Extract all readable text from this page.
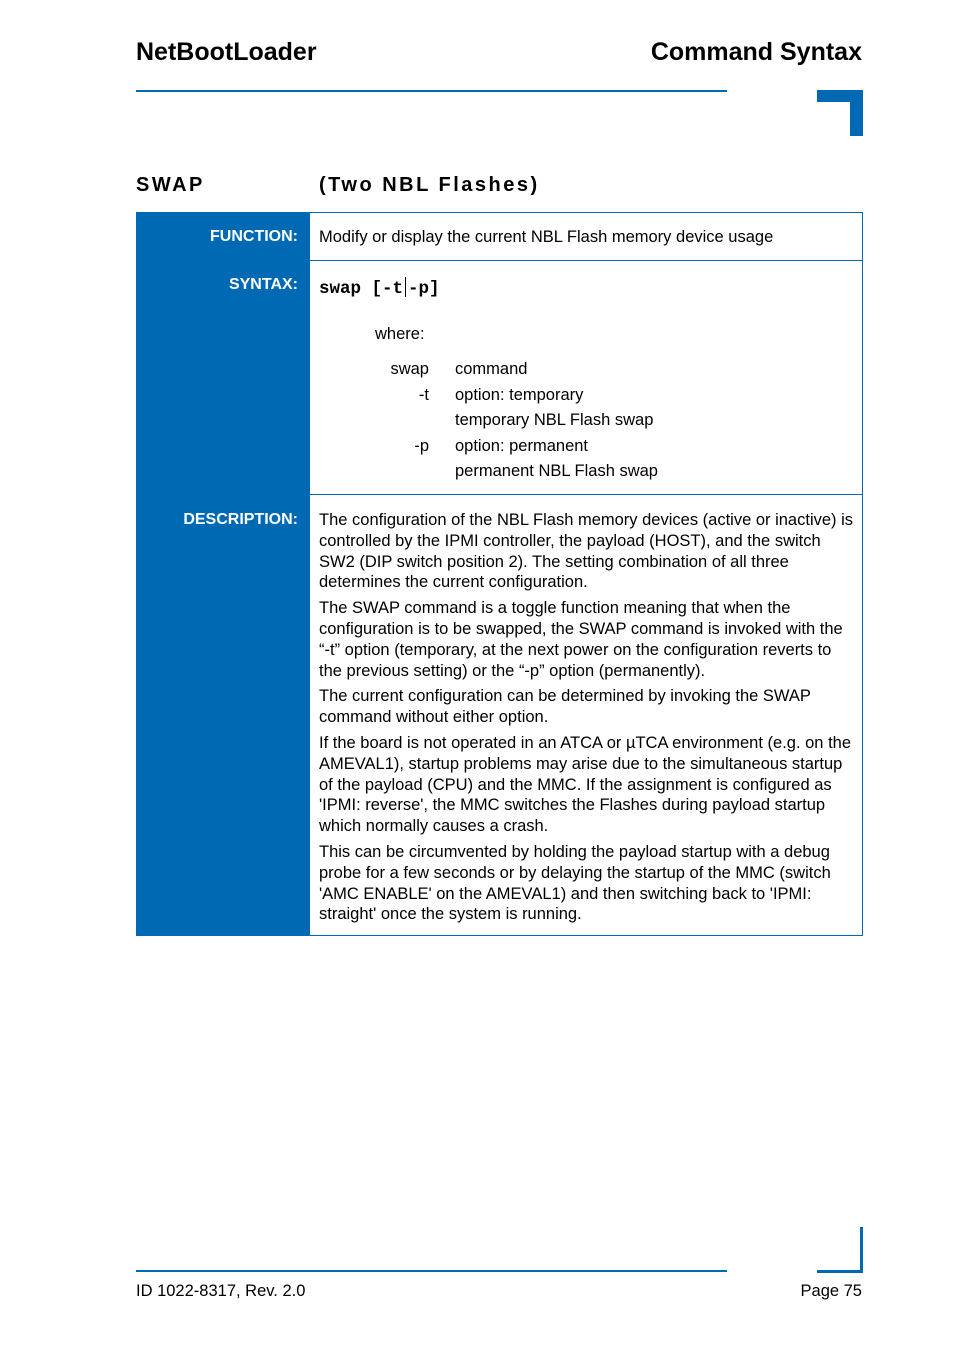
NetBootLoader	Command Syntax
SWAP	(Two NBL Flashes)
FUNCTION: Modify or display the current NBL Flash memory device usage
SYNTAX: swap [-t -p]
where:
swap command
-t option: temporary
temporary NBL Flash swap
-p option: permanent
permanent NBL Flash swap
DESCRIPTION: The configuration of the NBL Flash memory devices (active or inactive) is controlled by the IPMI controller, the payload (HOST), and the switch SW2 (DIP switch position 2). The setting combination of all three determines the current configuration.

The SWAP command is a toggle function meaning that when the configuration is to be swapped, the SWAP command is invoked with the “-t” option (temporary, at the next power on the configuration reverts to the previous setting) or the “-p” option (permanently).

The current configuration can be determined by invoking the SWAP command without either option.

If the board is not operated in an ATCA or µTCA environment (e.g. on the AMEVAL1), startup problems may arise due to the simultaneous startup of the payload (CPU) and the MMC. If the assignment is configured as 'IPMI: reverse', the MMC switches the Flashes during payload startup which normally causes a crash.

This can be circumvented by holding the payload startup with a debug probe for a few seconds or by delaying the startup of the MMC (switch 'AMC ENABLE' on the AMEVAL1) and then switching back to 'IPMI: straight' once the system is running.

ID 1022-8317, Rev. 2.0	Page 75
